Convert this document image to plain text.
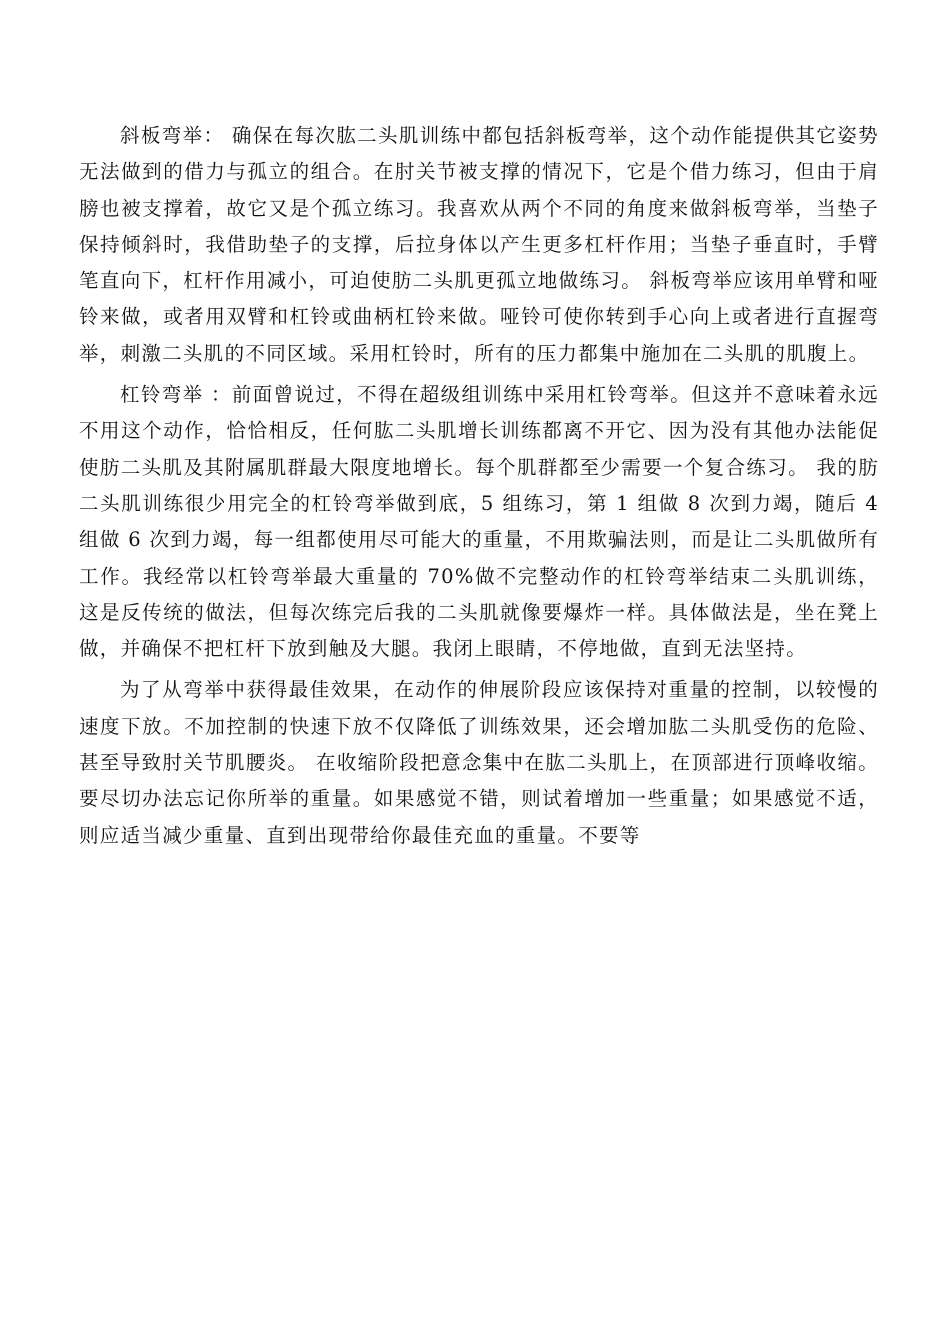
斜板弯举： 确保在每次肱二头肌训练中都包括斜板弯举，这个动作能提供其它姿势无法做到的借力与孤立的组合。在肘关节被支撑的情况下，它是个借力练习，但由于肩膀也被支撑着，故它又是个孤立练习。我喜欢从两个不同的角度来做斜板弯举，当垫子保持倾斜时，我借助垫子的支撑，后拉身体以产生更多杠杆作用；当垫子垂直时，手臂笔直向下，杠杆作用减小，可迫使肪二头肌更孤立地做练习。 斜板弯举应该用单臂和哑铃来做，或者用双臂和杠铃或曲柄杠铃来做。哑铃可使你转到手心向上或者进行直握弯举，刺激二头肌的不同区域。采用杠铃时，所有的压力都集中施加在二头肌的肌腹上。

杠铃弯举 ：前面曾说过，不得在超级组训练中采用杠铃弯举。但这并不意味着永远不用这个动作，恰恰相反，任何肱二头肌增长训练都离不开它、因为没有其他办法能促使肪二头肌及其附属肌群最大限度地增长。每个肌群都至少需要一个复合练习。 我的肪二头肌训练很少用完全的杠铃弯举做到底，5 组练习，第 1 组做 8 次到力竭，随后 4 组做 6 次到力竭，每一组都使用尽可能大的重量，不用欺骗法则，而是让二头肌做所有工作。我经常以杠铃弯举最大重量的 70%做不完整动作的杠铃弯举结束二头肌训练，这是反传统的做法，但每次练完后我的二头肌就像要爆炸一样。具体做法是，坐在凳上做，并确保不把杠杆下放到触及大腿。我闭上眼睛，不停地做，直到无法坚持。

为了从弯举中获得最佳效果，在动作的伸展阶段应该保持对重量的控制，以较慢的速度下放。不加控制的快速下放不仅降低了训练效果，还会增加肱二头肌受伤的危险、甚至导致肘关节肌腰炎。 在收缩阶段把意念集中在肱二头肌上，在顶部进行顶峰收缩。要尽切办法忘记你所举的重量。如果感觉不错，则试着增加一些重量；如果感觉不适，则应适当减少重量、直到出现带给你最佳充血的重量。不要等
